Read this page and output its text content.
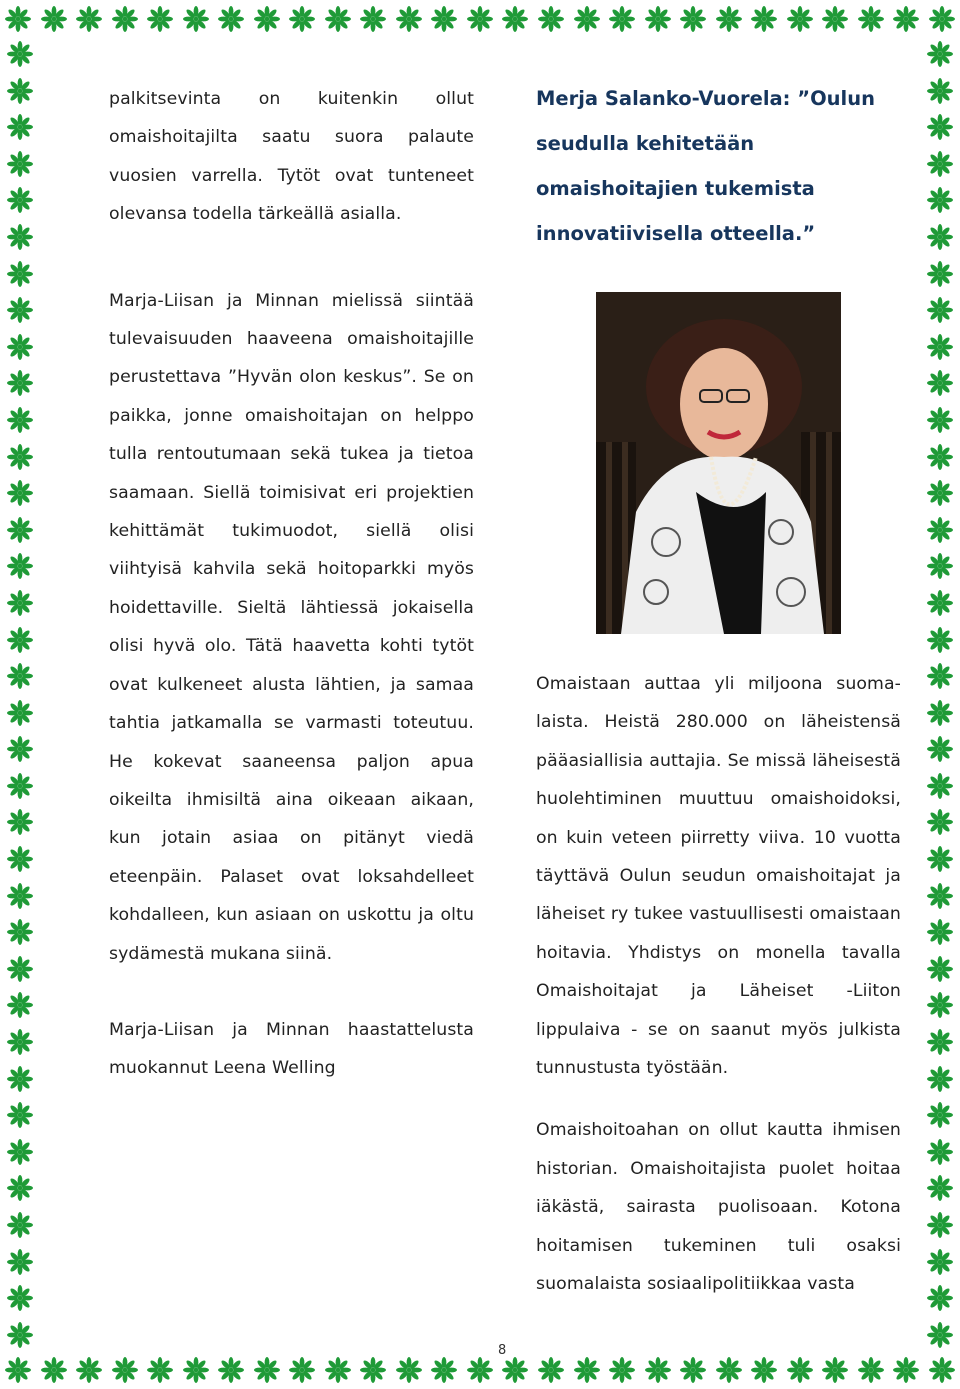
palkitsevinta on kuitenkin ollut omaishoitajilta saatu suora palaute vuosien varrella. Tytöt ovat tunteneet olevansa todella tärkeällä asialla.

Marja-Liisan ja Minnan mielissä siintää tulevaisuuden haaveena omaishoitajille perustettava ”Hyvän olon keskus”. Se on paikka, jonne omaishoitajan on helppo tulla rentoutumaan sekä tukea ja tietoa saamaan. Siellä toimisivat eri projektien kehittämät tukimuodot, siellä olisi viihtyisä kahvila sekä hoitoparkki myös hoidettaville. Sieltä lähtiessä jokaisella olisi hyvä olo. Tätä haavetta kohti tytöt ovat kulkeneet alusta lähtien, ja samaa tahtia jatkamalla se varmasti toteutuu. He kokevat saaneensa paljon apua oikeilta ihmisiltä aina oikeaan aikaan, kun jotain asiaa on pitänyt viedä eteenpäin. Palaset ovat loksahdelleet kohdalleen, kun asiaan on uskottu ja oltu sydämestä mukana siinä.

Marja-Liisan ja Minnan haastattelusta muokannut Leena Welling

Merja Salanko-Vuorela: ”Oulun seudulla kehitetään omaishoitajien tukemista innovatiivisella otteella.”

Omaistaan auttaa yli miljoona suoma-laista. Heistä 280.000 on läheistensä pääasiallisia auttajia. Se missä läheisestä huolehtiminen muuttuu omaishoidoksi, on kuin veteen piirretty viiva. 10 vuotta täyttävä Oulun seudun omaishoitajat ja läheiset ry tukee vastuullisesti omaistaan hoitavia. Yhdistys on monella tavalla Omaishoitajat ja Läheiset -Liiton lippulaiva - se on saanut myös julkista tunnustusta työstään.

Omaishoitoahan on ollut kautta ihmisen historian. Omaishoitajista puolet hoitaa iäkästä, sairasta puolisoaan. Kotona hoitamisen tukeminen tuli osaksi suomalaista sosiaalipolitiikkaa vasta

8
